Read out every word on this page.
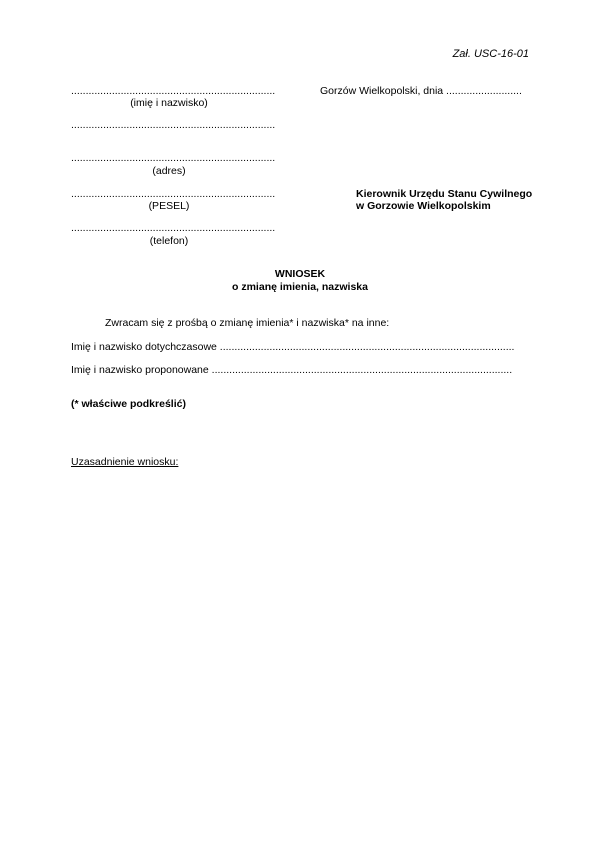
Zał. USC-16-01
......................................................................
(imię i nazwisko)
......................................................................
......................................................................
(adres)
......................................................................
(PESEL)
......................................................................
(telefon)
Gorzów Wielkopolski, dnia ..........................
Kierownik Urzędu Stanu Cywilnego
w Gorzowie Wielkopolskim
WNIOSEK
o zmianę imienia, nazwiska
Zwracam się z prośbą o zmianę imienia* i nazwiska* na inne:
Imię i nazwisko dotychczasowe .....................................................................................................
Imię i nazwisko proponowane .......................................................................................................
(* właściwe podkreślić)
Uzasadnienie wniosku:
